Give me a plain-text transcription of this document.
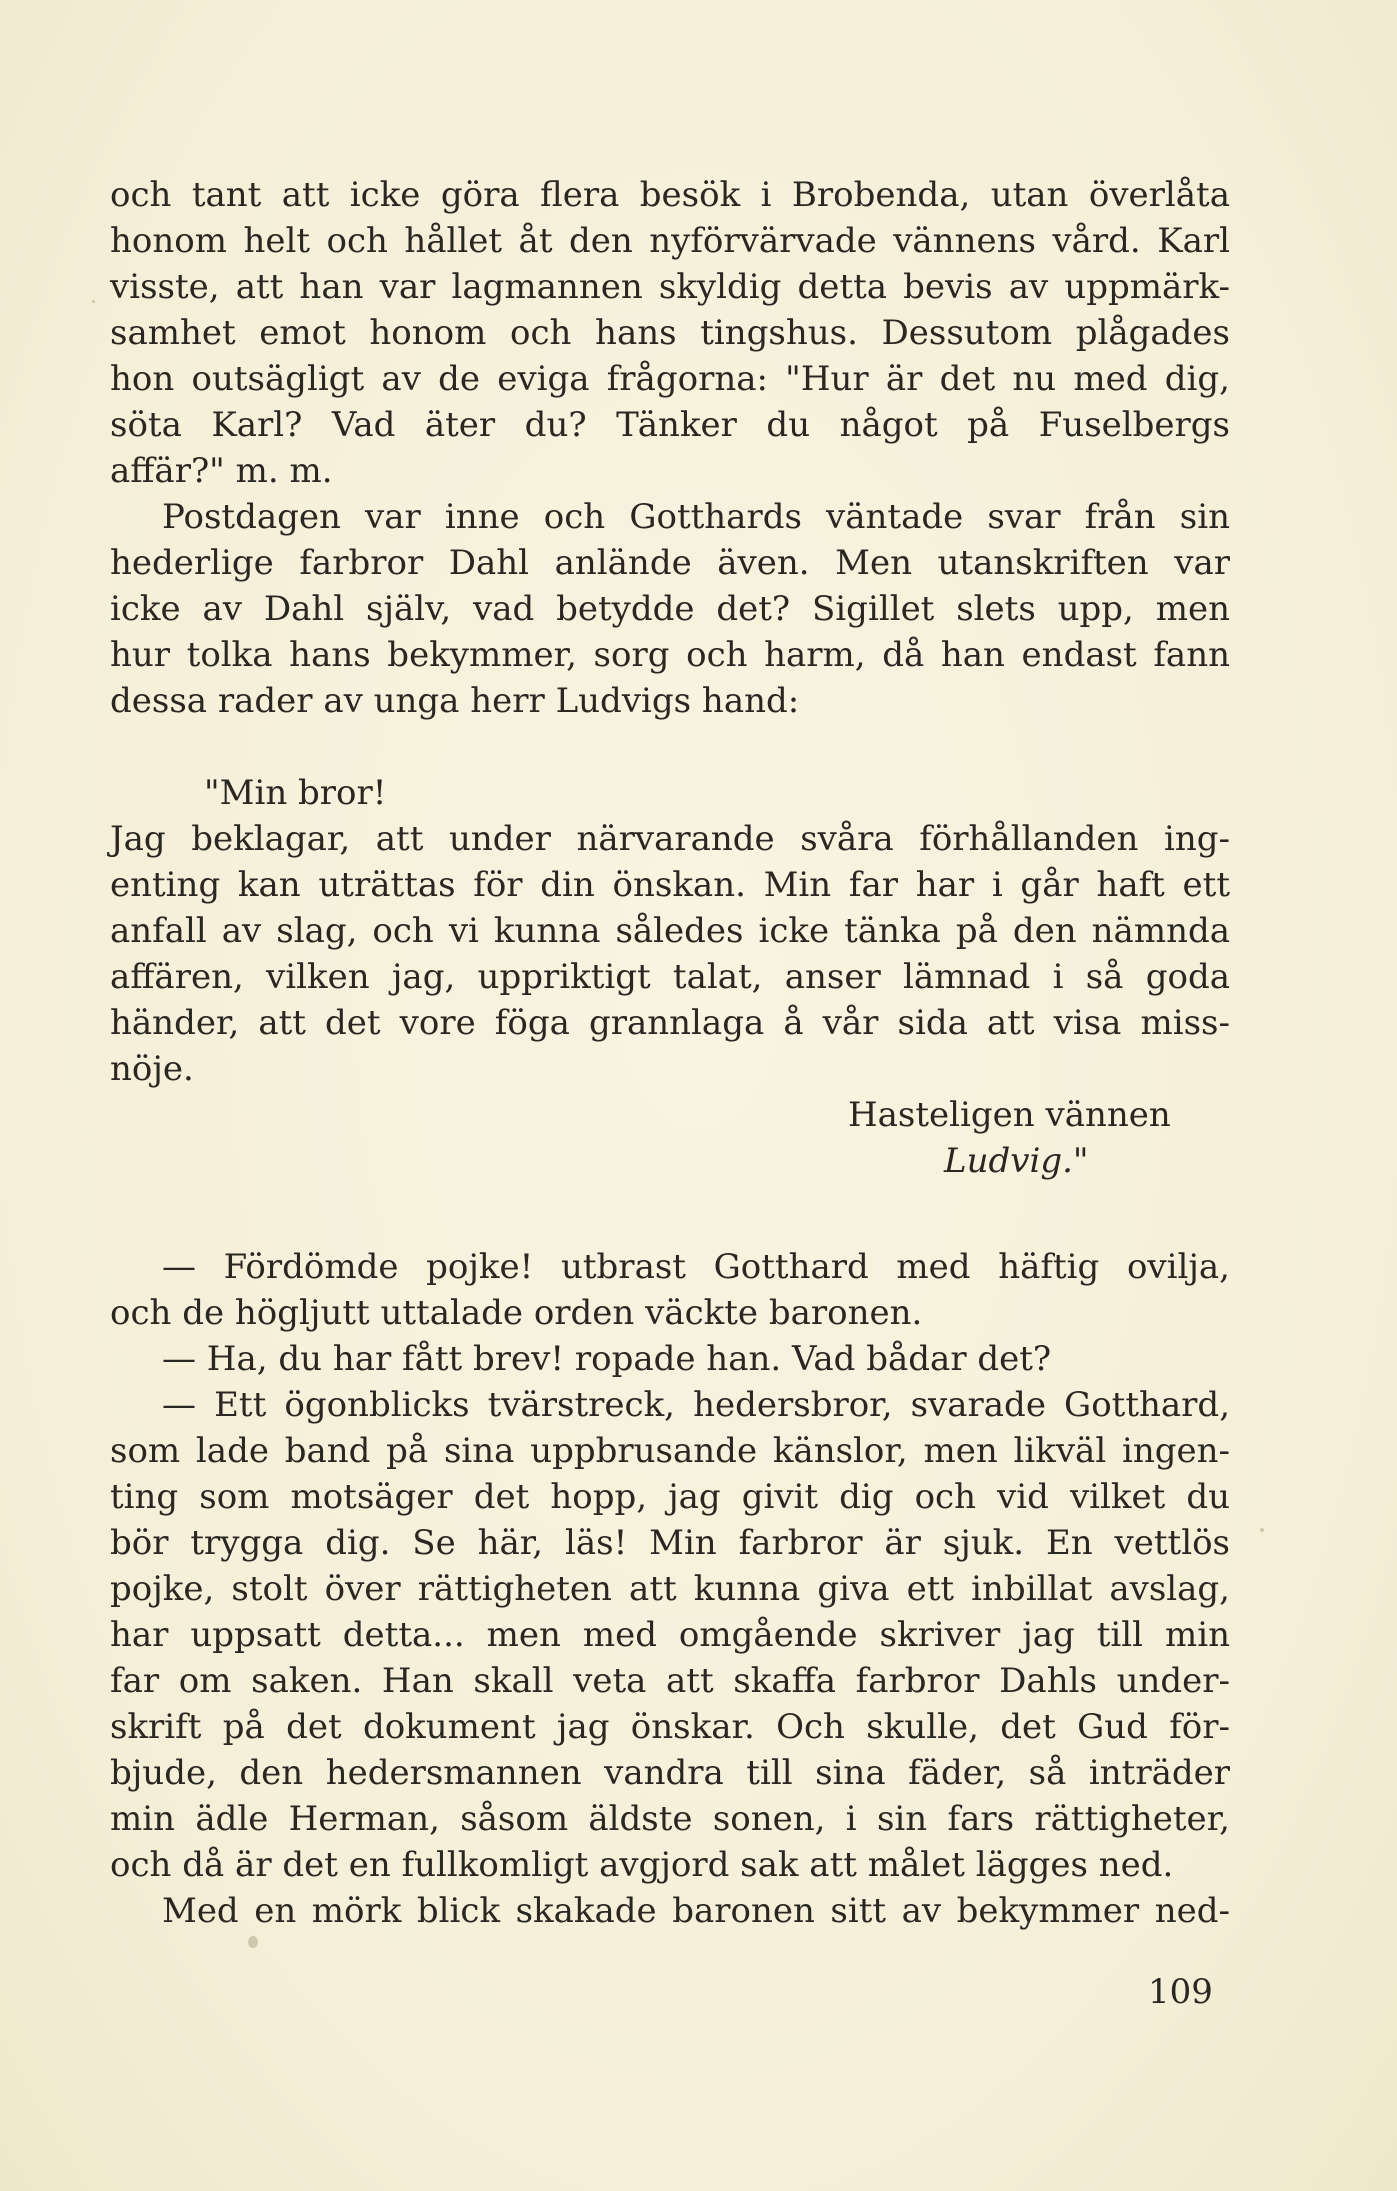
och tant att icke göra flera besök i Brobenda, utan överlåta
honom helt och hållet åt den nyförvärvade vännens vård. Karl
visste, att han var lagmannen skyldig detta bevis av uppmärk-
samhet emot honom och hans tingshus. Dessutom plågades
hon outsägligt av de eviga frågorna: "Hur är det nu med dig,
söta Karl? Vad äter du? Tänker du något på Fuselbergs
affär?" m. m.
Postdagen var inne och Gotthards väntade svar från sin
hederlige farbror Dahl anlände även. Men utanskriften var
icke av Dahl själv, vad betydde det? Sigillet slets upp, men
hur tolka hans bekymmer, sorg och harm, då han endast fann
dessa rader av unga herr Ludvigs hand:
"Min bror!
Jag beklagar, att under närvarande svåra förhållanden ing-
enting kan uträttas för din önskan. Min far har i går haft ett
anfall av slag, och vi kunna således icke tänka på den nämnda
affären, vilken jag, uppriktigt talat, anser lämnad i så goda
händer, att det vore föga grannlaga å vår sida att visa miss-
nöje.
Hasteligen vännen
Ludvig."
— Fördömde pojke! utbrast Gotthard med häftig ovilja,
och de högljutt uttalade orden väckte baronen.
— Ha, du har fått brev! ropade han. Vad bådar det?
— Ett ögonblicks tvärstreck, hedersbror, svarade Gotthard,
som lade band på sina uppbrusande känslor, men likväl ingen-
ting som motsäger det hopp, jag givit dig och vid vilket du
bör trygga dig. Se här, läs! Min farbror är sjuk. En vettlös
pojke, stolt över rättigheten att kunna giva ett inbillat avslag,
har uppsatt detta... men med omgående skriver jag till min
far om saken. Han skall veta att skaffa farbror Dahls under-
skrift på det dokument jag önskar. Och skulle, det Gud för-
bjude, den hedersmannen vandra till sina fäder, så inträder
min ädle Herman, såsom äldste sonen, i sin fars rättigheter,
och då är det en fullkomligt avgjord sak att målet lägges ned.
Med en mörk blick skakade baronen sitt av bekymmer ned-
109
